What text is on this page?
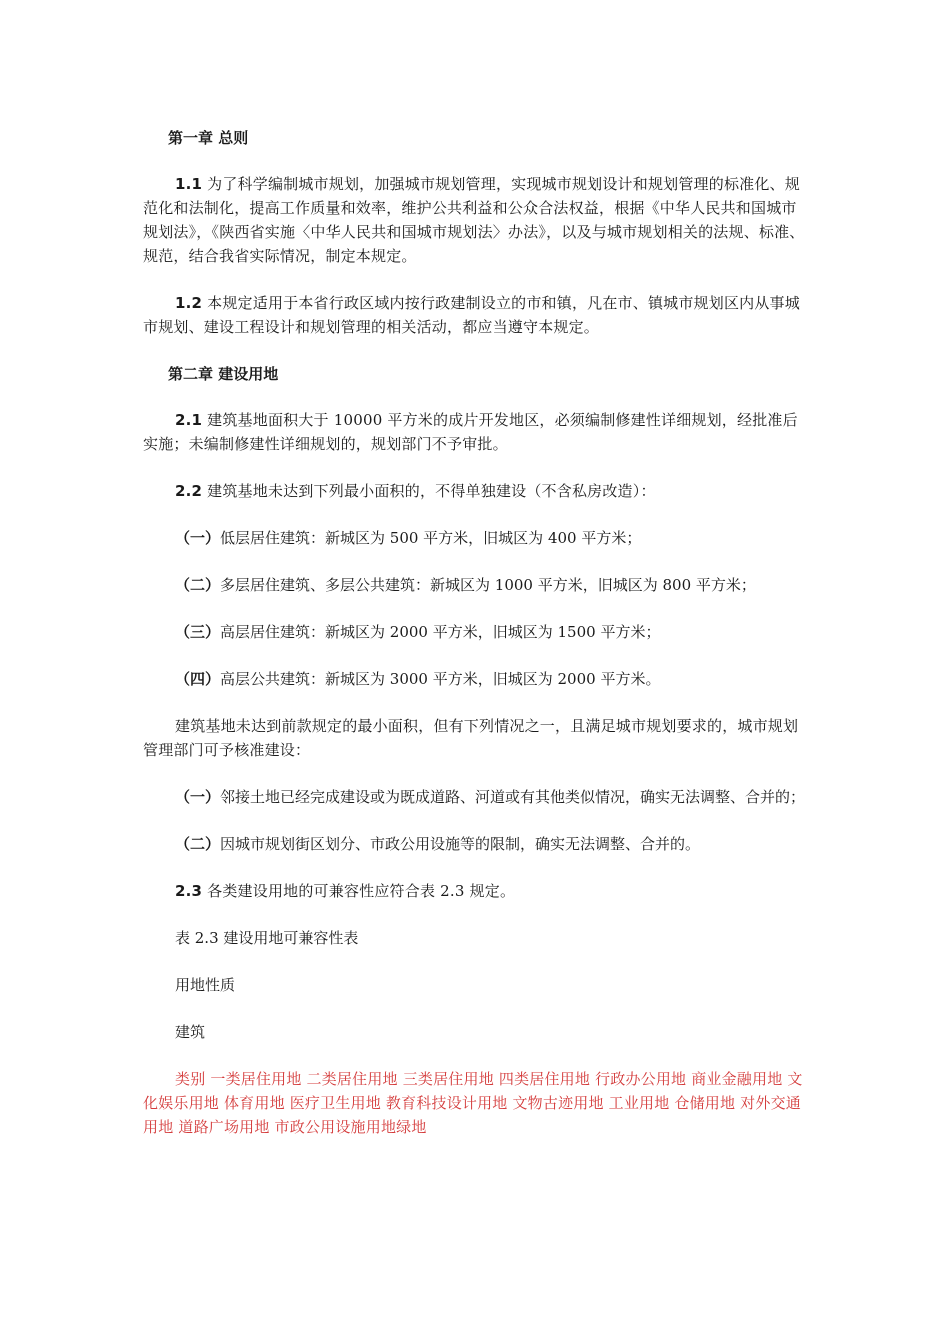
第一章 总则

1.1 为了科学编制城市规划，加强城市规划管理，实现城市规划设计和规划管理的标准化、规范化和法制化，提高工作质量和效率，维护公共利益和公众合法权益，根据《中华人民共和国城市规划法》，《陕西省实施〈中华人民共和国城市规划法〉办法》，以及与城市规划相关的法规、标准、规范，结合我省实际情况，制定本规定。

1.2 本规定适用于本省行政区域内按行政建制设立的市和镇，凡在市、镇城市规划区内从事城市规划、建设工程设计和规划管理的相关活动，都应当遵守本规定。

第二章 建设用地

2.1 建筑基地面积大于 10000 平方米的成片开发地区，必须编制修建性详细规划，经批准后实施；未编制修建性详细规划的，规划部门不予审批。

2.2 建筑基地未达到下列最小面积的，不得单独建设（不含私房改造）：

（一）低层居住建筑：新城区为 500 平方米，旧城区为 400 平方米；

（二）多层居住建筑、多层公共建筑：新城区为 1000 平方米，旧城区为 800 平方米；

（三）高层居住建筑：新城区为 2000 平方米，旧城区为 1500 平方米；

（四）高层公共建筑：新城区为 3000 平方米，旧城区为 2000 平方米。

建筑基地未达到前款规定的最小面积，但有下列情况之一，且满足城市规划要求的，城市规划管理部门可予核准建设：

（一）邻接土地已经完成建设或为既成道路、河道或有其他类似情况，确实无法调整、合并的；

（二）因城市规划街区划分、市政公用设施等的限制，确实无法调整、合并的。

2.3 各类建设用地的可兼容性应符合表 2.3 规定。

表 2.3 建设用地可兼容性表

用地性质

建筑

类别 一类居住用地 二类居住用地 三类居住用地 四类居住用地 行政办公用地 商业金融用地 文化娱乐用地 体育用地 医疗卫生用地 教育科技设计用地 文物古迹用地 工业用地 仓储用地 对外交通用地 道路广场用地 市政公用设施用地绿地
